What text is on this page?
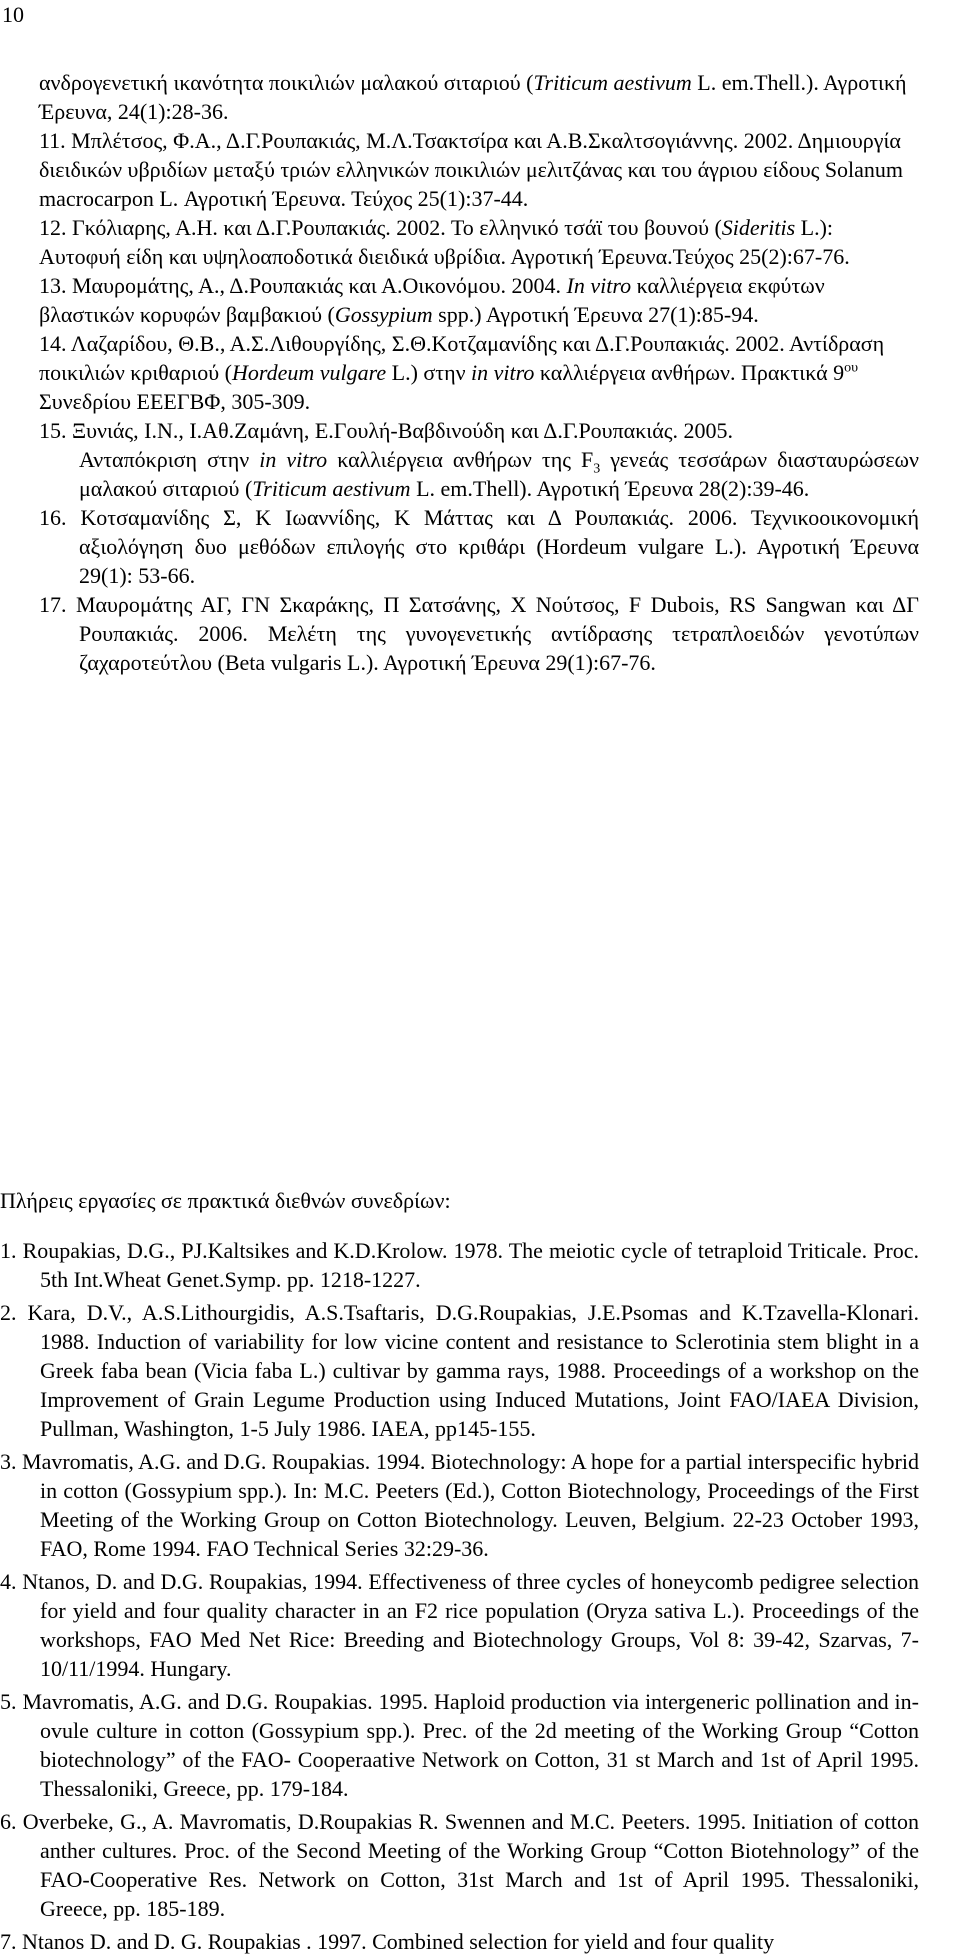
10

ανδρογενετική ικανότητα ποικιλιών μαλακού σιταριού (Triticum aestivum L. em.Thell.). Αγροτική Έρευνα, 24(1):28-36.

11. Μπλέτσος, Φ.Α., Δ.Γ.Ρουπακιάς, Μ.Λ.Τσακτσίρα και Α.Β.Σκαλτσογιάννης. 2002. Δημιουργία διειδικών υβριδίων μεταξύ τριών ελληνικών ποικιλιών μελιτζάνας και του άγριου είδους Solanum macrocarpon L. Αγροτική Έρευνα. Τεύχος 25(1):37-44.

12. Γκόλιαρης, Α.Η. και Δ.Γ.Ρουπακιάς. 2002. Το ελληνικό τσάϊ του βουνού (Sideritis L.): Αυτοφυή είδη και υψηλοαποδοτικά διειδικά υβρίδια. Αγροτική Έρευνα.Τεύχος 25(2):67-76.

13. Μαυρομάτης, Α., Δ.Ρουπακιάς και Α.Οικονόμου. 2004. In vitro καλλιέργεια εκφύτων βλαστικών κορυφών βαμβακιού (Gossypium spp.) Αγροτική Έρευνα 27(1):85-94.

14. Λαζαρίδου, Θ.Β., Α.Σ.Λιθουργίδης, Σ.Θ.Κοτζαμανίδης και Δ.Γ.Ρουπακιάς. 2002. Αντίδραση ποικιλιών κριθαριού (Hordeum vulgare L.) στην in vitro καλλιέργεια ανθήρων. Πρακτικά $9^{o\upsilon}$ Συνεδρίου ΕΕΕΓΒΦ, 305-309.

15. Ξυνιάς, Ι.Ν., Ι.Αθ.Ζαμάνη, Ε.Γουλή-Βαβδινούδη και Δ.Γ.Ρουπακιάς. 2005.

Ανταπόκριση στην in vitro καλλιέργεια ανθήρων της $F_3$ γενεάς τεσσάρων διασταυρώσεων μαλακού σιταριού (Triticum aestivum L. em.Thell). Αγροτική Έρευνα 28(2):39-46.

16. Κοτσαμανίδης Σ, Κ Ιωαννίδης, Κ Μάττας και Δ Ρουπακιάς. 2006. Τεχνικοοικονομική αξιολόγηση δυο μεθόδων επιλογής στο κριθάρι (Hordeum vulgare L.). Αγροτική Έρευνα 29(1): 53-66.

17. Μαυρομάτης ΑΓ, ΓΝ Σκαράκης, Π Σατσάνης, Χ Νούτσος, F Dubois, RS Sangwan και ΔΓ Ρουπακιάς. 2006. Μελέτη της γυνογενετικής αντίδρασης τετραπλοειδών γενοτύπων ζαχαροτεύτλου (Beta vulgaris L.). Αγροτική Έρευνα 29(1):67-76.

Πλήρεις εργασίες σε πρακτικά διεθνών συνεδρίων:

1. Roupakias, D.G., PJ.Kaltsikes and K.D.Krolow. 1978. The meiotic cycle of tetraploid Triticale. Proc. 5th Int.Wheat Genet.Symp. pp. 1218-1227.

2. Kara, D.V., A.S.Lithourgidis, A.S.Tsaftaris, D.G.Roupakias, J.E.Psomas and K.Tzavella-Klonari. 1988. Induction of variability for low vicine content and resistance to Sclerotinia stem blight in a Greek faba bean (Vicia faba L.) cultivar by gamma rays, 1988. Proceedings of a workshop on the Improvement of Grain Legume Production using Induced Mutations, Joint FAO/IAEA Division, Pullman, Washington, 1-5 July 1986. IAEA, pp145-155.

3. Mavromatis, A.G. and D.G. Roupakias. 1994. Biotechnology: A hope for a partial interspecific hybrid in cotton (Gossypium spp.). In: M.C. Peeters (Ed.), Cotton Biotechnology, Proceedings of the First Meeting of the Working Group on Cotton Biotechnology. Leuven, Belgium. 22-23 October 1993, FAO, Rome 1994. FAO Technical Series 32:29-36.

4. Ntanos, D. and D.G. Roupakias, 1994. Effectiveness of three cycles of honeycomb pedigree selection for yield and four quality character in an F2 rice population (Oryza sativa L.). Proceedings of the workshops, FAO Med Net Rice: Breeding and Biotechnology Groups, Vol 8: 39-42, Szarvas, 7-10/11/1994. Hungary.

5. Mavromatis, A.G. and D.G. Roupakias. 1995. Haploid production via intergeneric pollination and in-ovule culture in cotton (Gossypium spp.). Prec. of the 2d meeting of the Working Group “Cotton biotechnology” of the FAO- Cooperaative Network on Cotton, 31 st March and 1st of April 1995. Thessaloniki, Greece, pp. 179-184.

6. Overbeke, G., A. Mavromatis, D.Roupakias R. Swennen and M.C. Peeters. 1995. Initiation of cotton anther cultures. Proc. of the Second Meeting of the Working Group “Cotton Biotehnology” of the FAO-Cooperative Res. Network on Cotton, 31st March and 1st of April 1995. Thessaloniki, Greece, pp. 185-189.

7. Ntanos D. and D. G. Roupakias . 1997. Combined selection for yield and four quality
